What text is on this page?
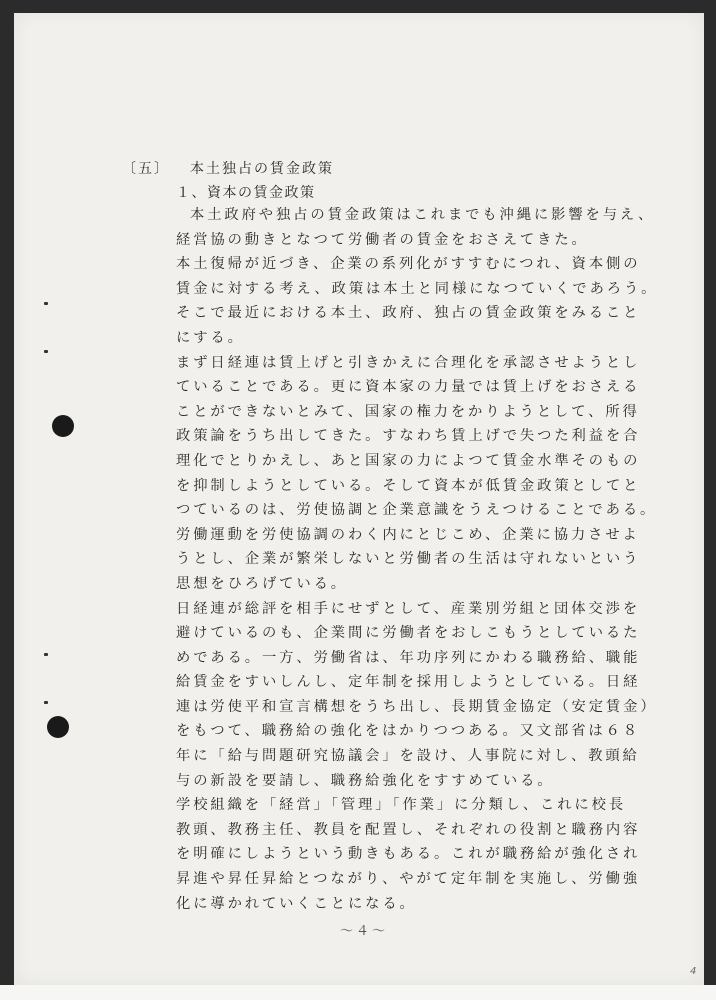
〔五〕 本土独占の賃金政策
１、資本の賃金政策
本土政府や独占の賃金政策はこれまでも沖縄に影響を与え、
経営協の動きとなつて労働者の賃金をおさえてきた。
本土復帰が近づき、企業の系列化がすすむにつれ、資本側の
賃金に対する考え、政策は本土と同様になつていくであろう。
そこで最近における本土、政府、独占の賃金政策をみること
にする。
まず日経連は賃上げと引きかえに合理化を承認させようとし
ていることである。更に資本家の力量では賃上げをおさえる
ことができないとみて、国家の権力をかりようとして、所得
政策論をうち出してきた。すなわち賃上げで失つた利益を合
理化でとりかえし、あと国家の力によつて賃金水準そのもの
を抑制しようとしている。そして資本が低賃金政策としてと
つているのは、労使協調と企業意識をうえつけることである。
労働運動を労使協調のわく内にとじこめ、企業に協力させよ
うとし、企業が繁栄しないと労働者の生活は守れないという
思想をひろげている。
日経連が総評を相手にせずとして、産業別労組と団体交渉を
避けているのも、企業間に労働者をおしこもうとしているた
めである。一方、労働省は、年功序列にかわる職務給、職能
給賃金をすいしんし、定年制を採用しようとしている。日経
連は労使平和宣言構想をうち出し、長期賃金協定（安定賃金）
をもつて、職務給の強化をはかりつつある。又文部省は６８
年に「給与問題研究協議会」を設け、人事院に対し、教頭給
与の新設を要請し、職務給強化をすすめている。
学校組織を「経営」「管理」「作業」に分類し、これに校長
教頭、教務主任、教員を配置し、それぞれの役割と職務内容
を明確にしようという動きもある。これが職務給が強化され
昇進や昇任昇給とつながり、やがて定年制を実施し、労働強
化に導かれていくことになる。
～４～
4
